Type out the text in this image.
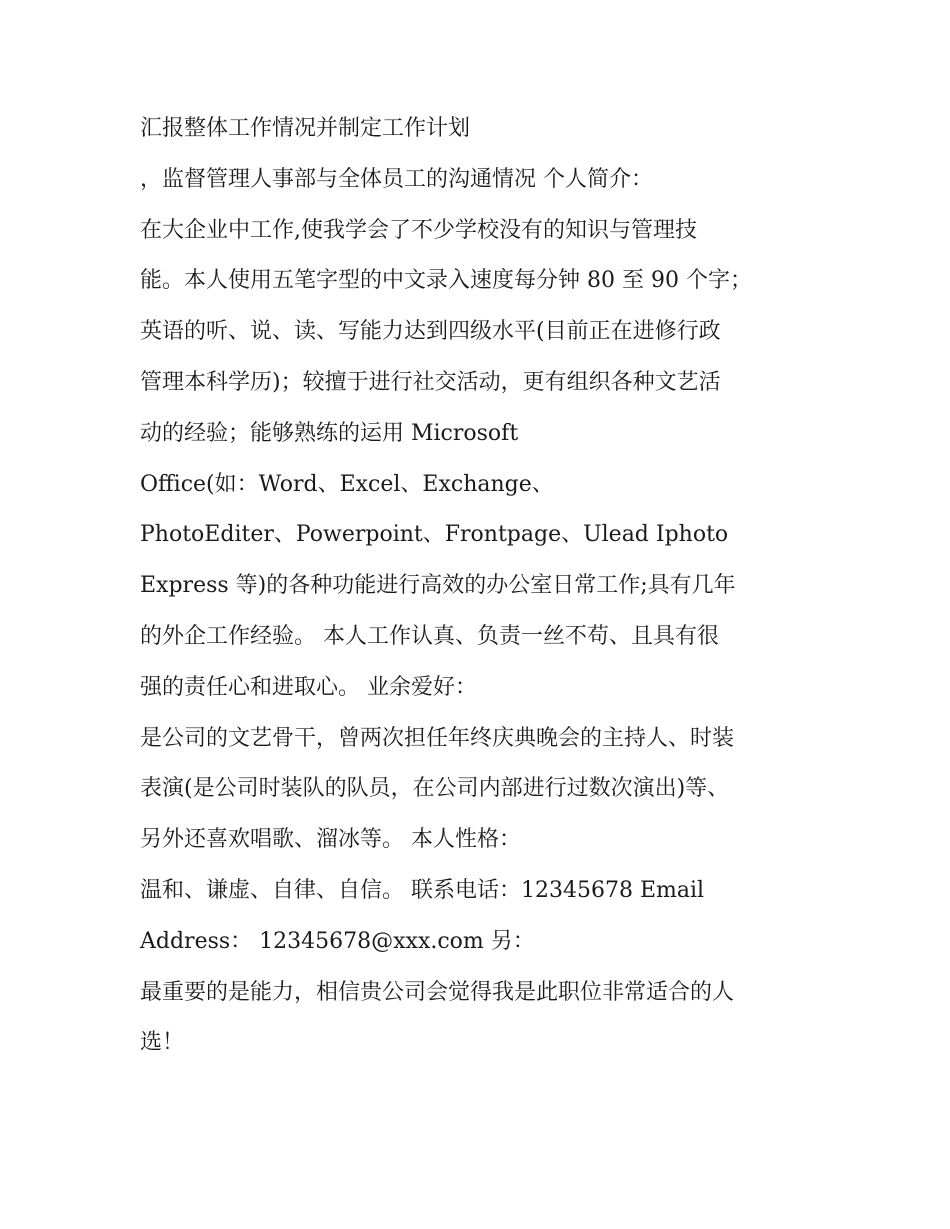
汇报整体工作情况并制定工作计划
，监督管理人事部与全体员工的沟通情况 个人简介：
在大企业中工作,使我学会了不少学校没有的知识与管理技
能。本人使用五笔字型的中文录入速度每分钟 80 至 90 个字；
英语的听、说、读、写能力达到四级水平(目前正在进修行政
管理本科学历)；较擅于进行社交活动，更有组织各种文艺活
动的经验；能够熟练的运用 Microsoft
Office(如：Word、Excel、Exchange、
PhotoEditer、Powerpoint、Frontpage、Ulead Iphoto
Express 等)的各种功能进行高效的办公室日常工作;具有几年
的外企工作经验。 本人工作认真、负责一丝不苟、且具有很
强的责任心和进取心。 业余爱好：
是公司的文艺骨干，曾两次担任年终庆典晚会的主持人、时装
表演(是公司时装队的队员，在公司内部进行过数次演出)等、
另外还喜欢唱歌、溜冰等。 本人性格：
温和、谦虚、自律、自信。 联系电话：12345678 Email
Address： 12345678@xxx.com 另：
最重要的是能力，相信贵公司会觉得我是此职位非常适合的人
选！
